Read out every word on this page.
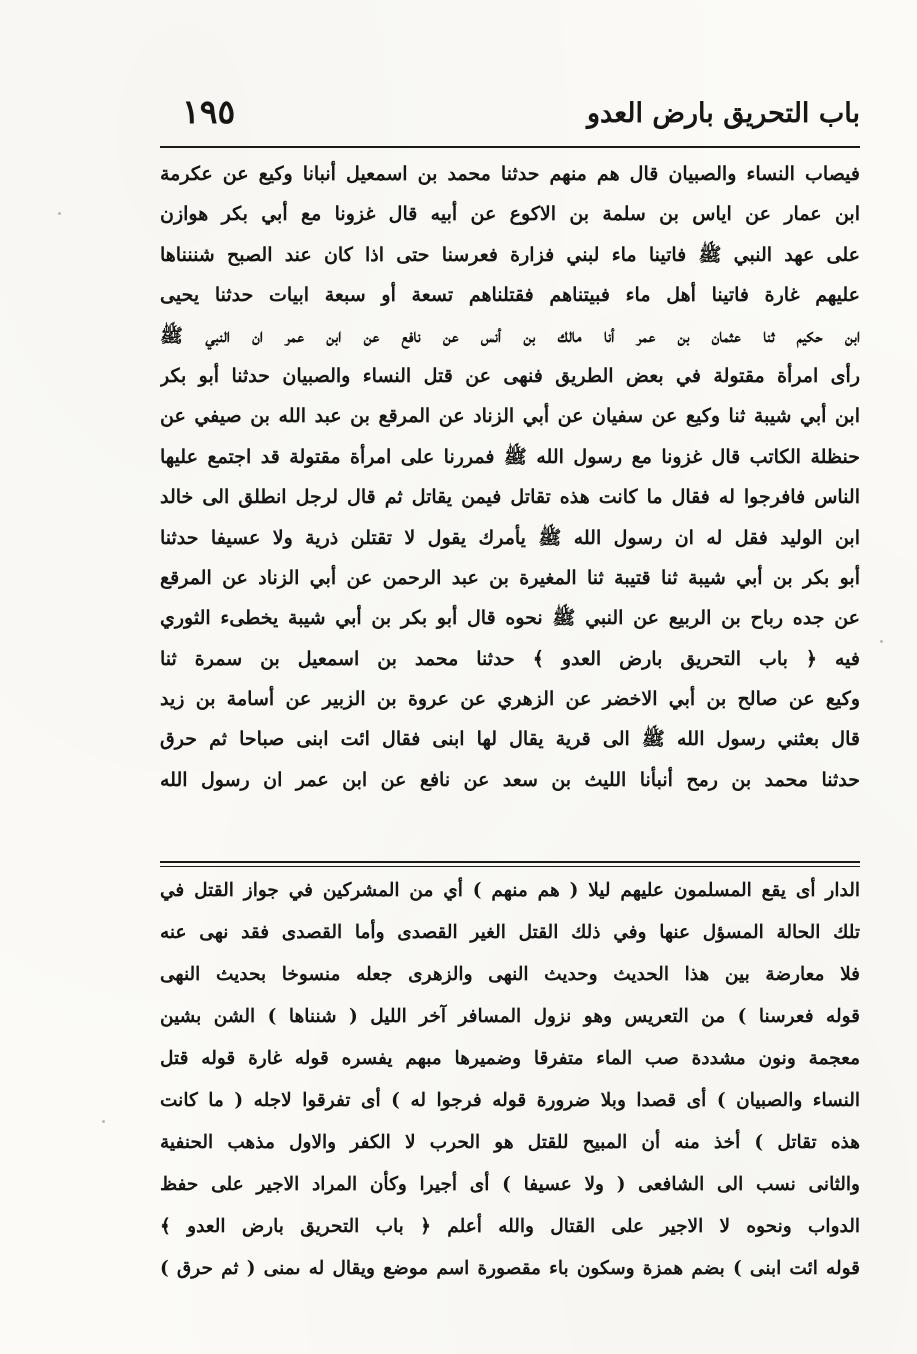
باب التحريق بارض العدو
١٩٥
فيصاب النساء والصبيان قال هم منهم حدثنا محمد بن اسمعيل أنبانا وكيع عن عكرمة
ابن عمار عن اياس بن سلمة بن الاكوع عن أبيه قال غزونا مع أبي بكر هوازن
على عهد النبي ﷺ فاتينا ماء لبني فزارة فعرسنا حتى اذا كان عند الصبح شننناها
عليهم غارة فاتينا أهل ماء فبيتناهم فقتلناهم تسعة أو سبعة ابيات حدثنا يحيى
ابن حكيم ثنا عثمان بن عمر أنا مالك بن أنس عن نافع عن ابن عمر ان النبي ﷺ
رأى امرأة مقتولة في بعض الطريق فنهى عن قتل النساء والصبيان حدثنا أبو بكر
ابن أبي شيبة ثنا وكيع عن سفيان عن أبي الزناد عن المرقع بن عبد الله بن صيفي عن
حنظلة الكاتب قال غزونا مع رسول الله ﷺ فمررنا على امرأة مقتولة قد اجتمع عليها
الناس فافرجوا له فقال ما كانت هذه تقاتل فيمن يقاتل ثم قال لرجل انطلق الى خالد
ابن الوليد فقل له ان رسول الله ﷺ يأمرك يقول لا تقتلن ذرية ولا عسيفا حدثنا
أبو بكر بن أبي شيبة ثنا قتيبة ثنا المغيرة بن عبد الرحمن عن أبي الزناد عن المرقع
عن جده رباح بن الربيع عن النبي ﷺ نحوه قال أبو بكر بن أبي شيبة يخطىء الثوري
فيه ﴿ باب التحريق بارض العدو ﴾ حدثنا محمد بن اسمعيل بن سمرة ثنا
وكيع عن صالح بن أبي الاخضر عن الزهري عن عروة بن الزبير عن أسامة بن زيد
قال بعثني رسول الله ﷺ الى قرية يقال لها ابنى فقال ائت ابنى صباحا ثم حرق
حدثنا محمد بن رمح أنبأنا الليث بن سعد عن نافع عن ابن عمر ان رسول الله
الدار أى يقع المسلمون عليهم ليلا ( هم منهم ) أي من المشركين في جواز القتل في
تلك الحالة المسؤل عنها وفي ذلك القتل الغير القصدى وأما القصدى فقد نهى عنه
فلا معارضة بين هذا الحديث وحديث النهى والزهرى جعله منسوخا بحديث النهى
قوله فعرسنا ) من التعريس وهو نزول المسافر آخر الليل ( شنناها ) الشن بشين
معجمة ونون مشددة صب الماء متفرقا وضميرها مبهم يفسره قوله غارة قوله قتل
النساء والصبيان ) أى قصدا وبلا ضرورة قوله فرجوا له ) أى تفرقوا لاجله ( ما كانت
هذه تقاتل ) أخذ منه أن المبيح للقتل هو الحرب لا الكفر والاول مذهب الحنفية
والثانى نسب الى الشافعى ( ولا عسيفا ) أى أجيرا وكأن المراد الاجير على حفظ
الدواب ونحوه لا الاجير على القتال والله أعلم ﴿ باب التحريق بارض العدو ﴾
قوله ائت ابنى ) بضم همزة وسكون باء مقصورة اسم موضع ويقال له ىمنى ( ثم حرق )
